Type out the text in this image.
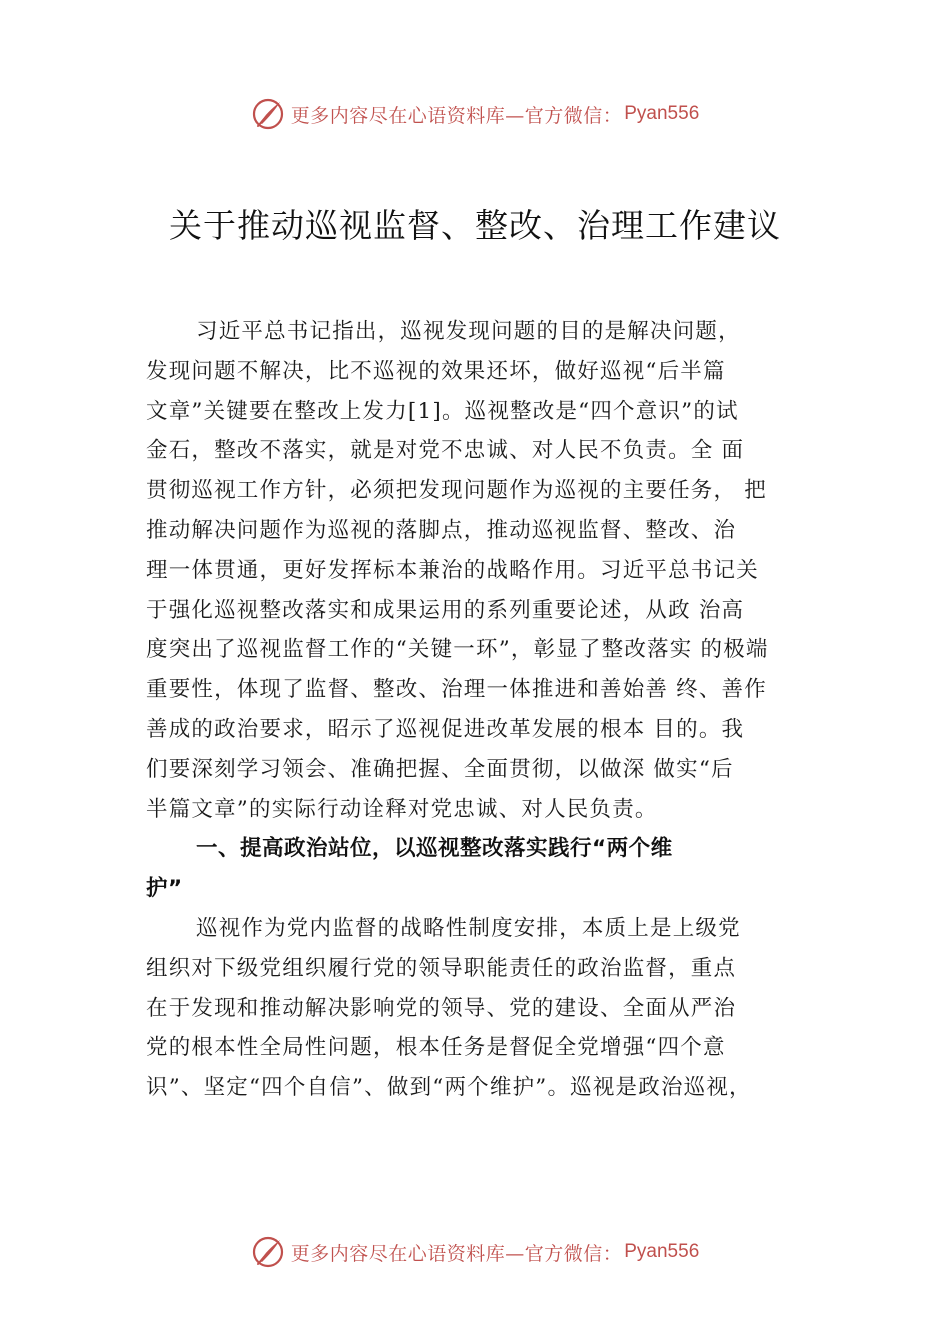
更多内容尽在心语资料库—官方微信： Pyan556
关于推动巡视监督、整改、治理工作建议
习近平总书记指出，巡视发现问题的目的是解决问题，
发现问题不解决，比不巡视的效果还坏，做好巡视“后半篇
文章”关键要在整改上发力[1]。巡视整改是“四个意识”的试
金石，整改不落实，就是对党不忠诚、对人民不负责。全 面
贯彻巡视工作方针，必须把发现问题作为巡视的主要任务， 把
推动解决问题作为巡视的落脚点，推动巡视监督、整改、治
理一体贯通，更好发挥标本兼治的战略作用。习近平总书记关
于强化巡视整改落实和成果运用的系列重要论述，从政 治高
度突出了巡视监督工作的“关键一环”，彰显了整改落实 的极端
重要性，体现了监督、整改、治理一体推进和善始善 终、善作
善成的政治要求，昭示了巡视促进改革发展的根本 目的。我
们要深刻学习领会、准确把握、全面贯彻，以做深 做实“后
半篇文章”的实际行动诠释对党忠诚、对人民负责。
一、提高政治站位，以巡视整改落实践行“两个维
护”
巡视作为党内监督的战略性制度安排，本质上是上级党
组织对下级党组织履行党的领导职能责任的政治监督，重点
在于发现和推动解决影响党的领导、党的建设、全面从严治
党的根本性全局性问题，根本任务是督促全党增强“四个意
识”、坚定“四个自信”、做到“两个维护”。巡视是政治巡视，
更多内容尽在心语资料库—官方微信： Pyan556
